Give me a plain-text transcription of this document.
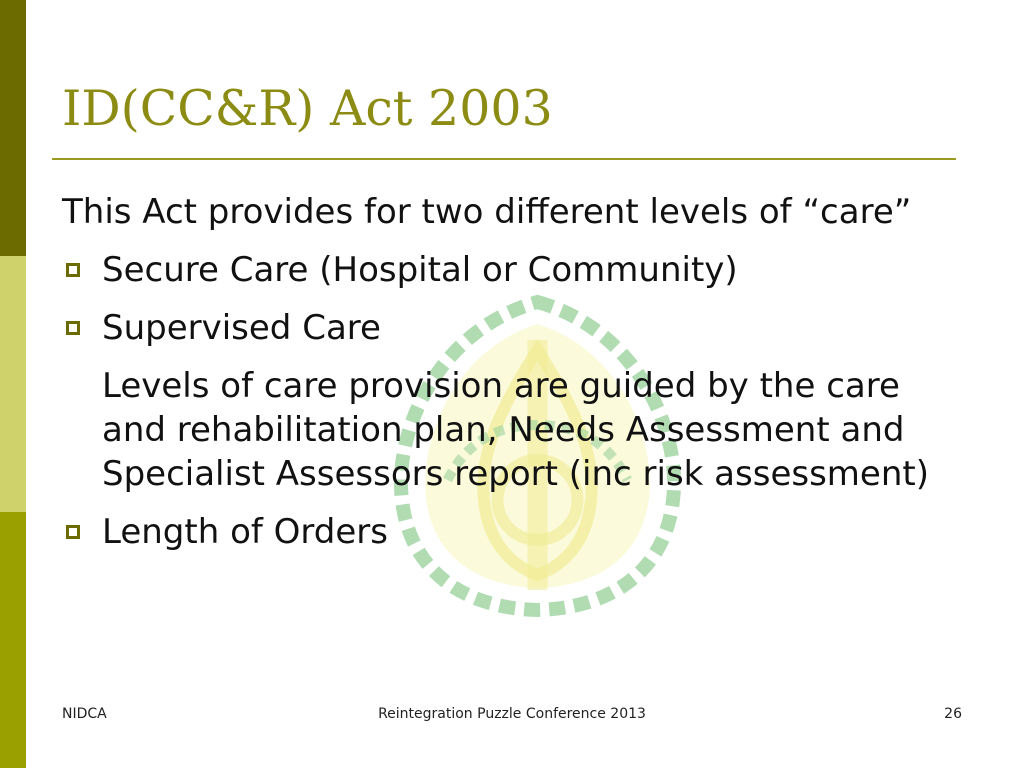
ID(CC&R) Act 2003

This Act provides for two different levels of “care”

Secure Care (Hospital or Community)

Supervised Care

Levels of care provision are guided by the care and rehabilitation plan, Needs Assessment and Specialist Assessors report (inc risk assessment)

Length of Orders

NIDCA	Reintegration Puzzle Conference 2013	26
